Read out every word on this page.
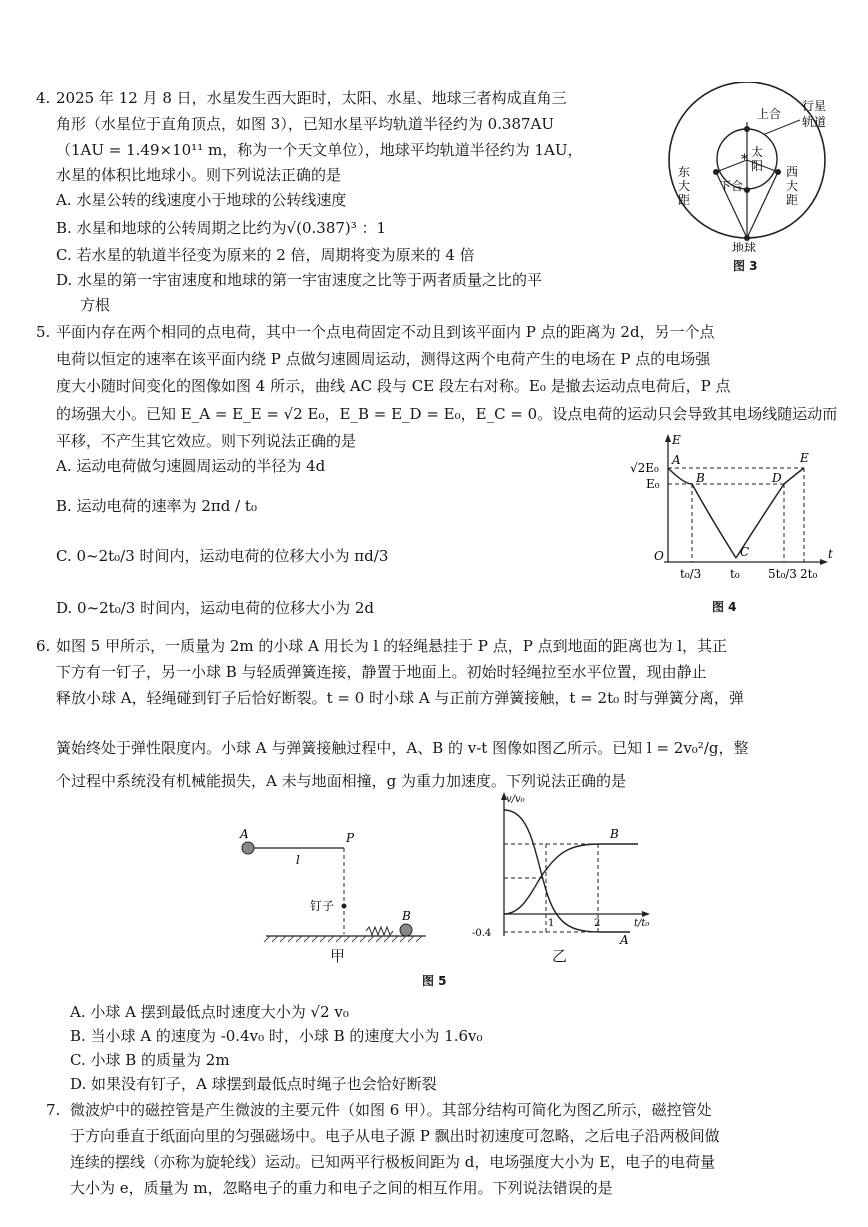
4. 2025 年 12 月 8 日，水星发生西大距时，太阳、水星、地球三者构成直角三
角形（水星位于直角顶点，如图 3），已知水星平均轨道半径约为 0.387AU
（1AU = 1.49×10¹¹ m，称为一个天文单位），地球平均轨道半径约为 1AU，
水星的体积比地球小。则下列说法正确的是
A. 水星公转的线速度小于地球的公转线速度
B. 水星和地球的公转周期之比约为√(0.387)³ ：1
C. 若水星的轨道半径变为原来的 2 倍，周期将变为原来的 4 倍
D. 水星的第一宇宙速度和地球的第一宇宙速度之比等于两者质量之比的平
方根
*
上合
太
阳
下合
东
大
距
西
大
距
行星
轨道
地球
图 3
5. 平面内存在两个相同的点电荷，其中一个点电荷固定不动且到该平面内 P 点的距离为 2d，另一个点
电荷以恒定的速率在该平面内绕 P 点做匀速圆周运动，测得这两个电荷产生的电场在 P 点的电场强
度大小随时间变化的图像如图 4 所示，曲线 AC 段与 CE 段左右对称。E₀ 是撤去运动点电荷后，P 点
的场强大小。已知 E_A = E_E = √2 E₀，E_B = E_D = E₀，E_C = 0。设点电荷的运动只会导致其电场线随运动而
平移，不产生其它效应。则下列说法正确的是
A. 运动电荷做匀速圆周运动的半径为 4d
B. 运动电荷的速率为 2πd / t₀
C. 0~2t₀/3 时间内，运动电荷的位移大小为 πd/3
D. 0~2t₀/3 时间内，运动电荷的位移大小为 2d
E
√2E₀
E₀
O	t
t₀/3 t₀ 5t₀/3 2t₀
A
B
C
D
E
图 4
6. 如图 5 甲所示，一质量为 2m 的小球 A 用长为 l 的轻绳悬挂于 P 点，P 点到地面的距离也为 l，其正
下方有一钉子，另一小球 B 与轻质弹簧连接，静置于地面上。初始时轻绳拉至水平位置，现由静止
释放小球 A，轻绳碰到钉子后恰好断裂。t = 0 时小球 A 与正前方弹簧接触，t = 2t₀ 时与弹簧分离，弹
簧始终处于弹性限度内。小球 A 与弹簧接触过程中，A、B 的 v-t 图像如图乙所示。已知 l = 2v₀²/g，整
个过程中系统没有机械能损失，A 未与地面相撞，g 为重力加速度。下列说法正确的是
A	P
l
钉子
B
甲
v/v₀
t/t₀
-0.4
1	2
B
A
乙
图 5
A. 小球 A 摆到最低点时速度大小为 √2 v₀
B. 当小球 A 的速度为 -0.4v₀ 时，小球 B 的速度大小为 1.6v₀
C. 小球 B 的质量为 2m
D. 如果没有钉子，A 球摆到最低点时绳子也会恰好断裂
7. 微波炉中的磁控管是产生微波的主要元件（如图 6 甲）。其部分结构可简化为图乙所示，磁控管处
于方向垂直于纸面向里的匀强磁场中。电子从电子源 P 飘出时初速度可忽略，之后电子沿两极间做
连续的摆线（亦称为旋轮线）运动。已知两平行极板间距为 d，电场强度大小为 E，电子的电荷量
大小为 e，质量为 m，忽略电子的重力和电子之间的相互作用。下列说法错误的是
